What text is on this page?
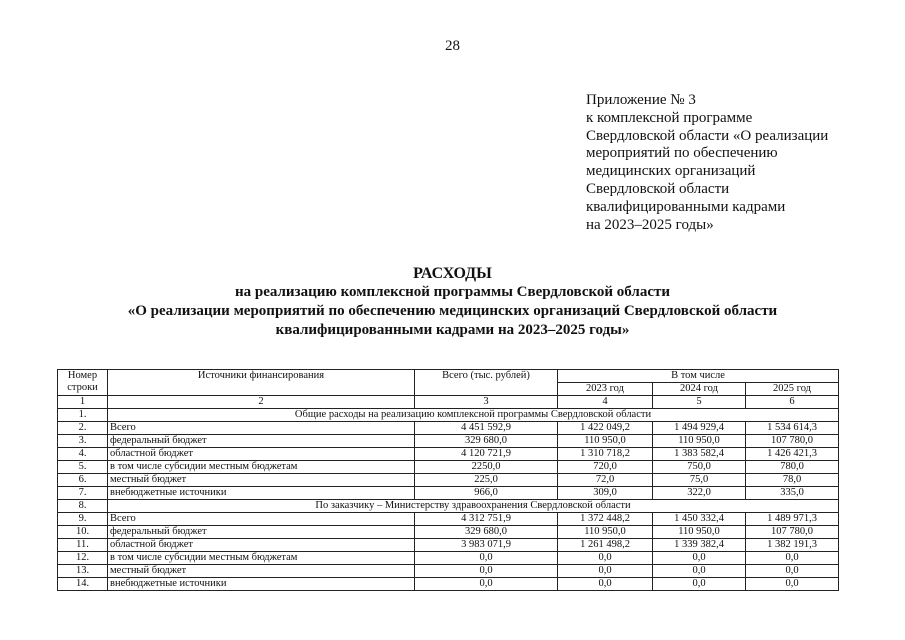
28
Приложение № 3
к комплексной программе
Свердловской области «О реализации
мероприятий по обеспечению
медицинских организаций
Свердловской области
квалифицированными кадрами
на 2023–2025 годы»
РАСХОДЫ
на реализацию комплексной программы Свердловской области
«О реализации мероприятий по обеспечению медицинских организаций Свердловской области
квалифицированными кадрами на 2023–2025 годы»
Номер строки	Источники финансирования	Всего (тыс. рублей)	В том числе		
			2023 год	2024 год	2025 год
1	2	3	4	5	6
1.	Общие расходы на реализацию комплексной программы Свердловской области				
2.	Всего	4 451 592,9	1 422 049,2	1 494 929,4	1 534 614,3
3.	федеральный бюджет	329 680,0	110 950,0	110 950,0	107 780,0
4.	областной бюджет	4 120 721,9	1 310 718,2	1 383 582,4	1 426 421,3
5.	в том числе субсидии местным бюджетам	2250,0	720,0	750,0	780,0
6.	местный бюджет	225,0	72,0	75,0	78,0
7.	внебюджетные источники	966,0	309,0	322,0	335,0
8.	По заказчику – Министерству здравоохранения Свердловской области				
9.	Всего	4 312 751,9	1 372 448,2	1 450 332,4	1 489 971,3
10.	федеральный бюджет	329 680,0	110 950,0	110 950,0	107 780,0
11.	областной бюджет	3 983 071,9	1 261 498,2	1 339 382,4	1 382 191,3
12.	в том числе субсидии местным бюджетам	0,0	0,0	0,0	0,0
13.	местный бюджет	0,0	0,0	0,0	0,0
14.	внебюджетные источники	0,0	0,0	0,0	0,0
